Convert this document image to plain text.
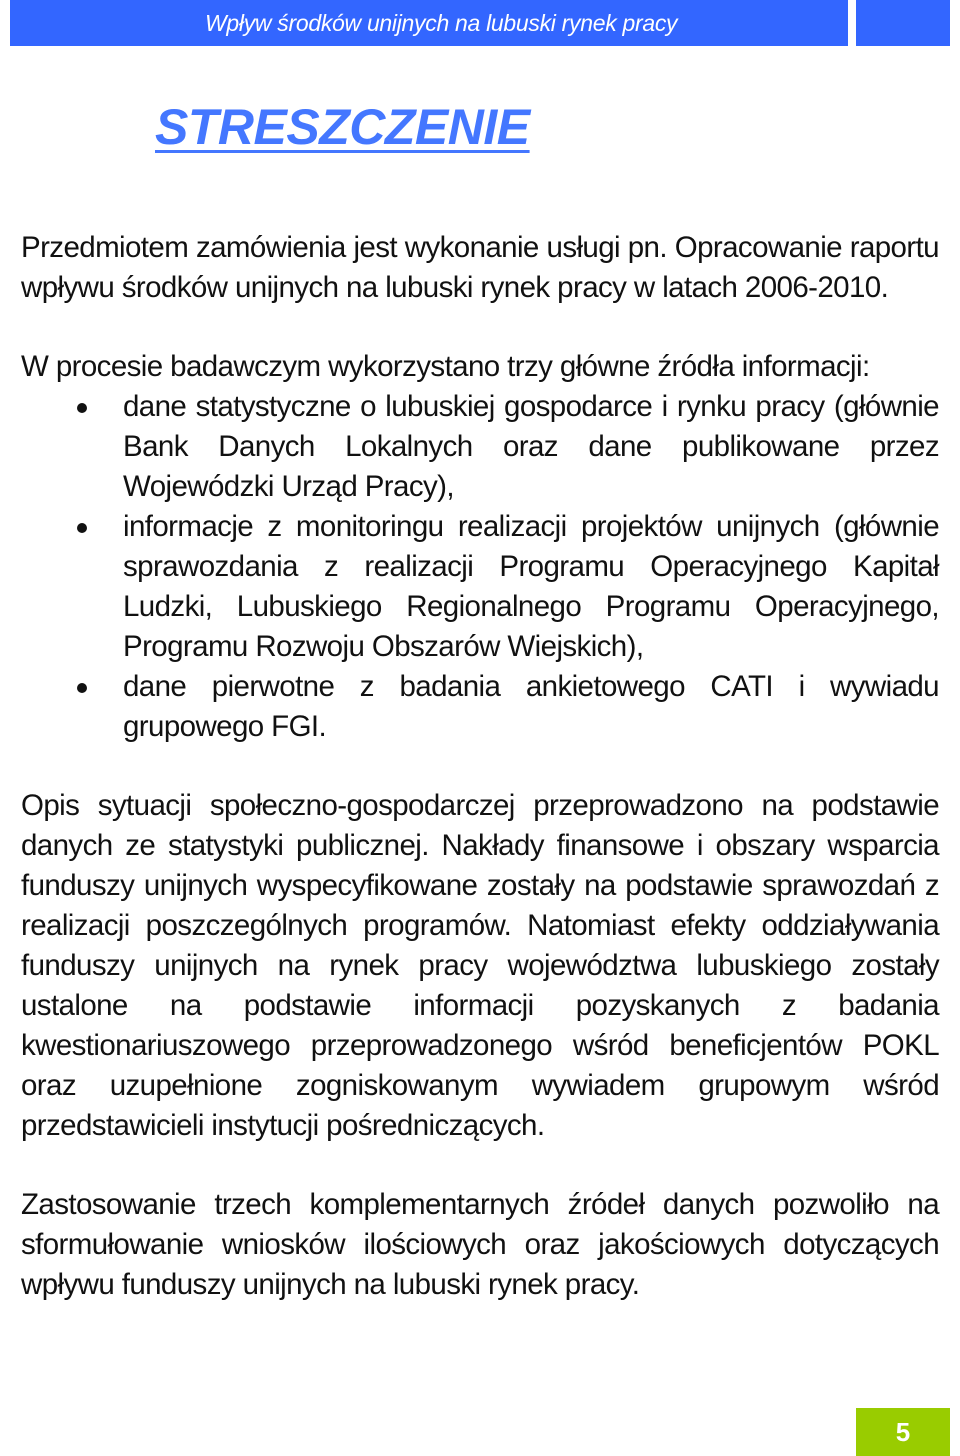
Wpływ środków unijnych na lubuski rynek pracy
STRESZCZENIE

Przedmiotem zamówienia jest wykonanie usługi pn. Opracowanie raportu wpływu środków unijnych na lubuski rynek pracy w latach 2006-2010.

W procesie badawczym wykorzystano trzy główne źródła informacji:

dane statystyczne o lubuskiej gospodarce i rynku pracy (głównie Bank Danych Lokalnych oraz dane publikowane przez Wojewódzki Urząd Pracy),
informacje z monitoringu realizacji projektów unijnych (głównie sprawozdania z realizacji Programu Operacyjnego Kapitał Ludzki, Lubuskiego Regionalnego Programu Operacyjnego, Programu Rozwoju Obszarów Wiejskich),
dane pierwotne z badania ankietowego CATI i wywiadu grupowego FGI.

Opis sytuacji społeczno-gospodarczej przeprowadzono na podstawie danych ze statystyki publicznej. Nakłady finansowe i obszary wsparcia funduszy unijnych wyspecyfikowane zostały na podstawie sprawozdań z realizacji poszczególnych programów. Natomiast efekty oddziaływania funduszy unijnych na rynek pracy województwa lubuskiego zostały ustalone na podstawie informacji pozyskanych z badania kwestionariuszowego przeprowadzonego wśród beneficjentów POKL oraz uzupełnione zogniskowanym wywiadem grupowym wśród przedstawicieli instytucji pośredniczących.

Zastosowanie trzech komplementarnych źródeł danych pozwoliło na sformułowanie wniosków ilościowych oraz jakościowych dotyczących wpływu funduszy unijnych na lubuski rynek pracy.

5
